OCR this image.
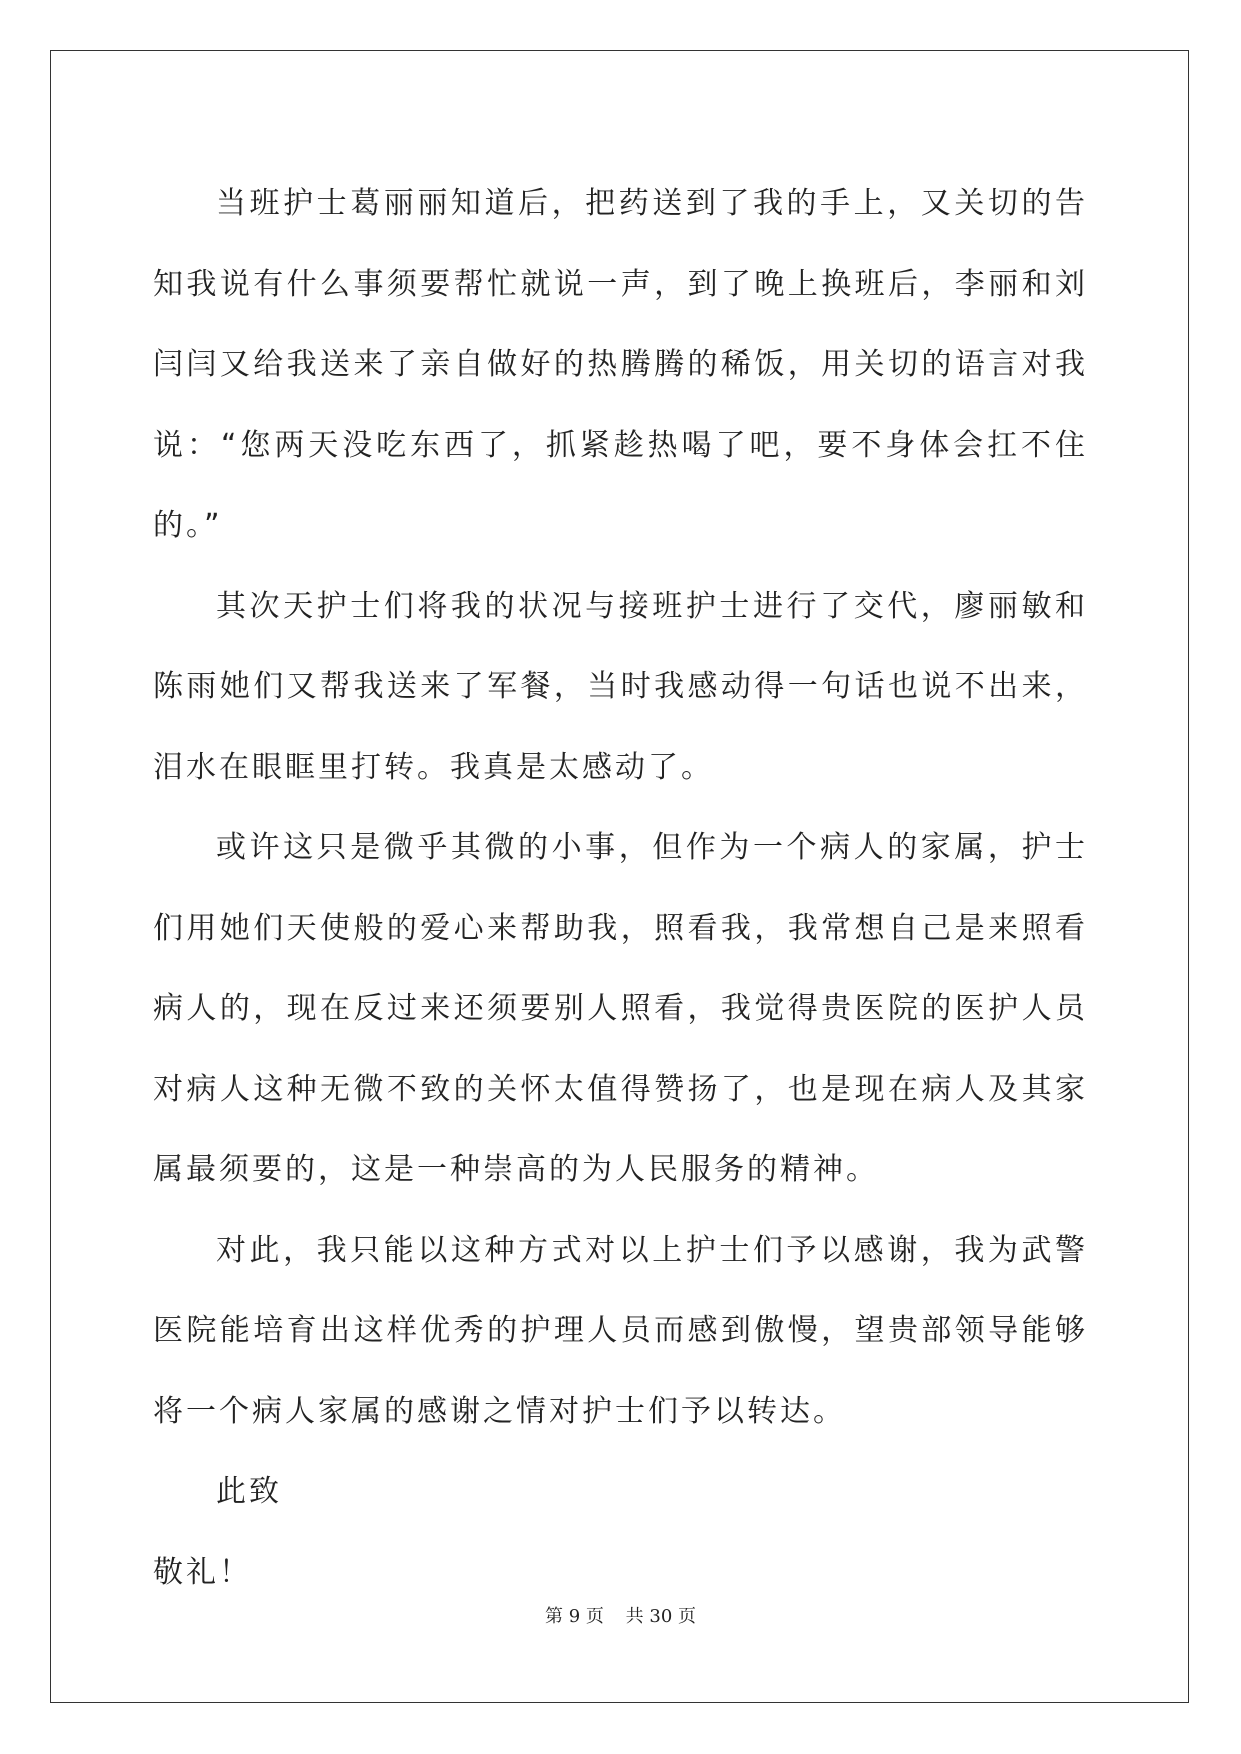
当班护士葛丽丽知道后，把药送到了我的手上，又关切的告知我说有什么事须要帮忙就说一声，到了晚上换班后，李丽和刘闫闫又给我送来了亲自做好的热腾腾的稀饭，用关切的语言对我说：“您两天没吃东西了，抓紧趁热喝了吧，要不身体会扛不住的。”

其次天护士们将我的状况与接班护士进行了交代，廖丽敏和陈雨她们又帮我送来了军餐，当时我感动得一句话也说不出来，泪水在眼眶里打转。我真是太感动了。

或许这只是微乎其微的小事，但作为一个病人的家属，护士们用她们天使般的爱心来帮助我，照看我，我常想自己是来照看病人的，现在反过来还须要别人照看，我觉得贵医院的医护人员对病人这种无微不致的关怀太值得赞扬了，也是现在病人及其家属最须要的，这是一种崇高的为人民服务的精神。

对此，我只能以这种方式对以上护士们予以感谢，我为武警医院能培育出这样优秀的护理人员而感到傲慢，望贵部领导能够将一个病人家属的感谢之情对护士们予以转达。

此致

敬礼！

第 9 页 共 30 页
